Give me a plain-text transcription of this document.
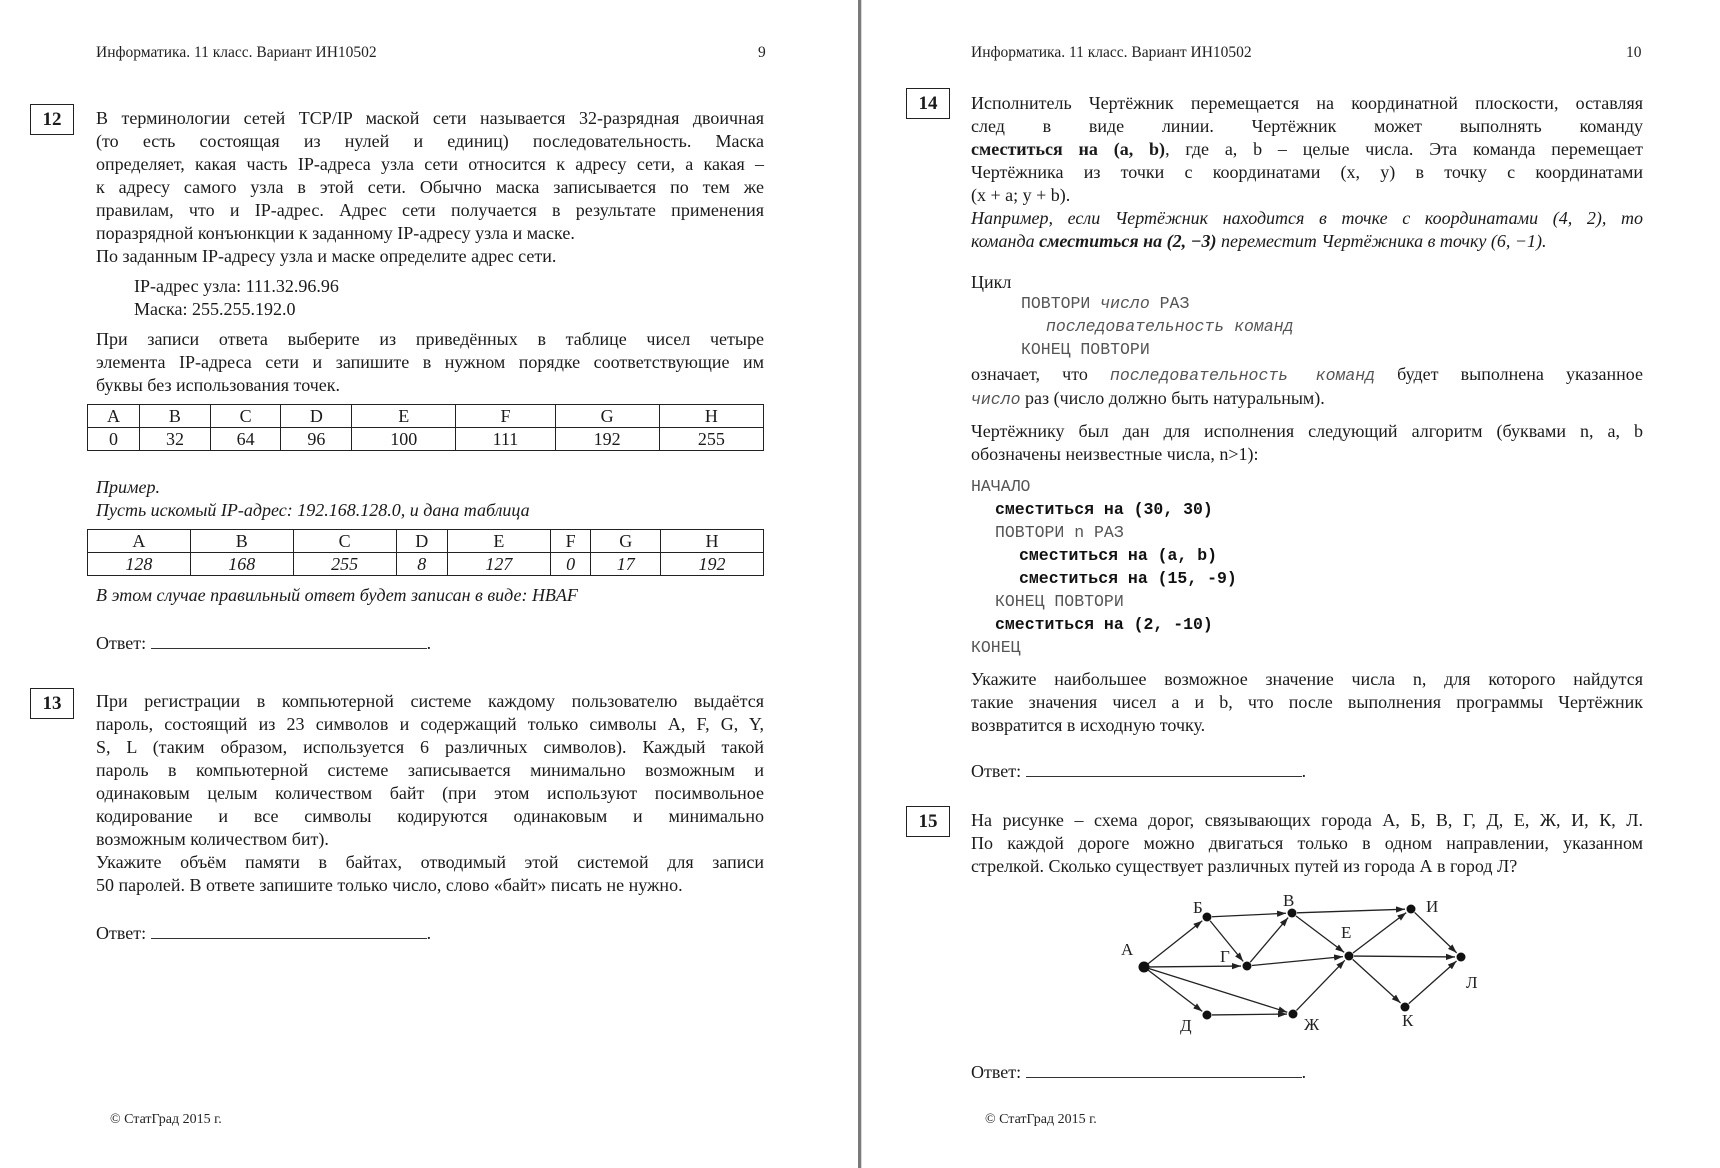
Информатика. 11 класс. Вариант ИН10502	9
12	В терминологии сетей TCP/IP маской сети называется 32-разрядная двоичная

(то есть состоящая из нулей и единиц) последовательность. Маска

определяет, какая часть IP-адреса узла сети относится к адресу сети, а какая –

к адресу самого узла в этой сети. Обычно маска записывается по тем же

правилам, что и IP-адрес. Адрес сети получается в результате применения

поразрядной конъюнкции к заданному IP-адресу узла и маске.

По заданным IP-адресу узла и маске определите адрес сети.

IP-адрес узла: 111.32.96.96

Маска: 255.255.192.0

При записи ответа выберите из приведённых в таблице чисел четыре

элемента IP-адреса сети и запишите в нужном порядке соответствующие им

буквы без использования точек.

A	B	C	D	E	F	G	H
0	32	64	96	100	111	192	255

Пример.

Пусть искомый IP-адрес: 192.168.128.0, и дана таблица

A	B	C	D	E	F	G	H
128	168	255	8	127	0	17	192
В этом случае правильный ответ будет записан в виде: HBAF
Ответ:	.
13	При регистрации в компьютерной системе каждому пользователю выдаётся

пароль, состоящий из 23 символов и содержащий только символы A, F, G, Y,

S, L (таким образом, используется 6 различных символов). Каждый такой

пароль в компьютерной системе записывается минимально возможным и

одинаковым целым количеством байт (при этом используют посимвольное

кодирование и все символы кодируются одинаковым и минимально

возможным количеством бит).

Укажите объём памяти в байтах, отводимый этой системой для записи

50 паролей. В ответе запишите только число, слово «байт» писать не нужно.

Ответ:	.
© СтатГрад 2015 г.
Информатика. 11 класс. Вариант ИН10502	10
14	Исполнитель Чертёжник перемещается на координатной плоскости, оставляя

след в виде линии. Чертёжник может выполнять команду

сместиться на (a, b), где a, b – целые числа. Эта команда перемещает

Чертёжника из точки с координатами (x, y) в точку с координатами

(x + a; y + b).

Например, если Чертёжник находится в точке с координатами (4, 2), то

команда сместиться на (2, −3) переместит Чертёжника в точку (6, −1).

Цикл
ПОВТОРИ число РАЗ
последовательность команд
КОНЕЦ ПОВТОРИ

означает, что последовательность команд будет выполнена указанное

число раз (число должно быть натуральным).

Чертёжнику был дан для исполнения следующий алгоритм (буквами n, a, b

обозначены неизвестные числа, n>1):

НАЧАЛО
сместиться на (30, 30)
ПОВТОРИ n РАЗ
сместиться на (a, b)
сместиться на (15, -9)
КОНЕЦ ПОВТОРИ
сместиться на (2, -10)
КОНЕЦ

Укажите наибольшее возможное значение числа n, для которого найдутся

такие значения чисел a и b, что после выполнения программы Чертёжник

возвратится в исходную точку.

Ответ:	.
15	На рисунке – схема дорог, связывающих города А, Б, В, Г, Д, Е, Ж, И, К, Л.

По каждой дороге можно двигаться только в одном направлении, указанном

стрелкой. Сколько существует различных путей из города А в город Л?

А
Б	В
Г
Д
Е
Ж
И
К
Л
Ответ:	.
© СтатГрад 2015 г.
